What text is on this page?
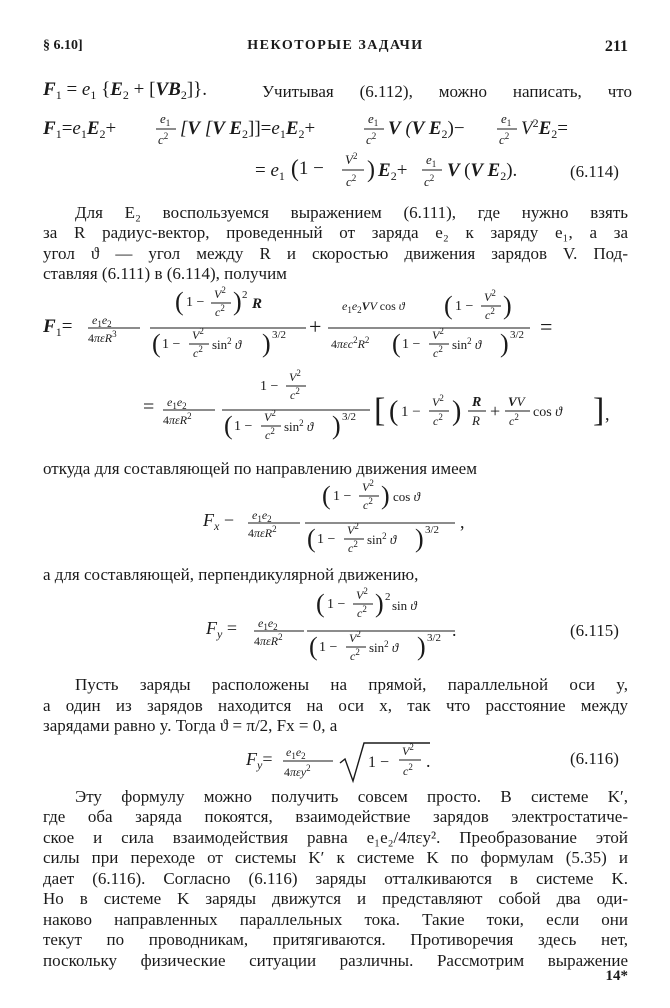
§ 6.10]	НЕКОТОРЫЕ ЗАДАЧИ	211
$F_1 = e_1$ $\{E_2 + [VB_2]\}$.	Учитывая (6.112), можно написать, что
$F_1=e_1E_2+$	$e_1$
$c^2$ [V [V $E_2]]=e_1E_2+$	$e_1$
$c^2$ V (V $E_2)-$	$e_1$
$c^2$ $V^2E_2=$
= $e_1$ ($1 - V^2$
$c^2$ ) $E_2+$
$e_1$
$c^2$ V (V $E_2$).	(6.114)
Для E₂ воспользуемся выражением (6.111), где нужно взять
за R радиус-вектор, проведенный от заряда e₂ к заряду e₁, а за
угол ϑ — угол между R и скоростью движения зарядов V. Под-
ставляя (6.111) в (6.114), получим
$F_1= e_1e_2$
4πεR$^3$
( 1 −
$V^2$
$c^2$ ) 2
R
( 1 −
$V^2$
$c^2$ $\sin^2 ϑ$ ) 3/2 +
$e_1e_2VV$ cos ϑ ( 1 −
$V^2$
$c^2$ )
$4\pi\varepsilon c^2R^2$ ( 1 −
$V^2$
$c^2$ $\sin^2 ϑ$ ) 3/2 =
= $e_1e_2$
4πεR$^2$
1 −
$V^2$
$c^2$
( 1 −
$V^2$
$c^2$ $\sin^2 ϑ$ ) 3/2 [ ( 1 −
$V^2$
$c^2$ ) R
R + VV
$c^2$ cos ϑ ] ,
откуда для составляющей по направлению движения имеем
$F_x - e_1e_2$
4πεR$^2$
( 1 −
$V^2$
$c^2$ ) cos ϑ
( 1 −
$V^2$
$c^2$ $\sin^2 ϑ$ ) 3/2 ,
а для составляющей, перпендикулярной движению,
$F_y = e_1e_2$
4πεR$^2$
( 1 −
$V^2$
$c^2$ ) 2
sin ϑ
( 1 −
$V^2$
$c^2$ $\sin^2 ϑ$ ) 3/2 .	(6.115)
Пусть заряды расположены на прямой, параллельной оси y,
а один из зарядов находится на оси x, так что расстояние между
зарядами равно y. Тогда ϑ = π/2, Fx = 0, а
$F_y= e_1e_2$
4πεy$^2$	1 −
$V^2$
$c^2$ .	(6.116)
Эту формулу можно получить совсем просто. В системе K′,
где оба заряда покоятся, взаимодействие зарядов электростатиче-
ское и сила взаимодействия равна e₁e₂/4πεy². Преобразование этой
силы при переходе от системы K′ к системе K по формулам (5.35) и
дает (6.116). Согласно (6.116) заряды отталкиваются в системе K.
Но в системе K заряды движутся и представляют собой два оди-
наково направленных параллельных тока. Такие токи, если они
текут по проводникам, притягиваются. Противоречия здесь нет,
поскольку физические ситуации различны. Рассмотрим выражение
14*
